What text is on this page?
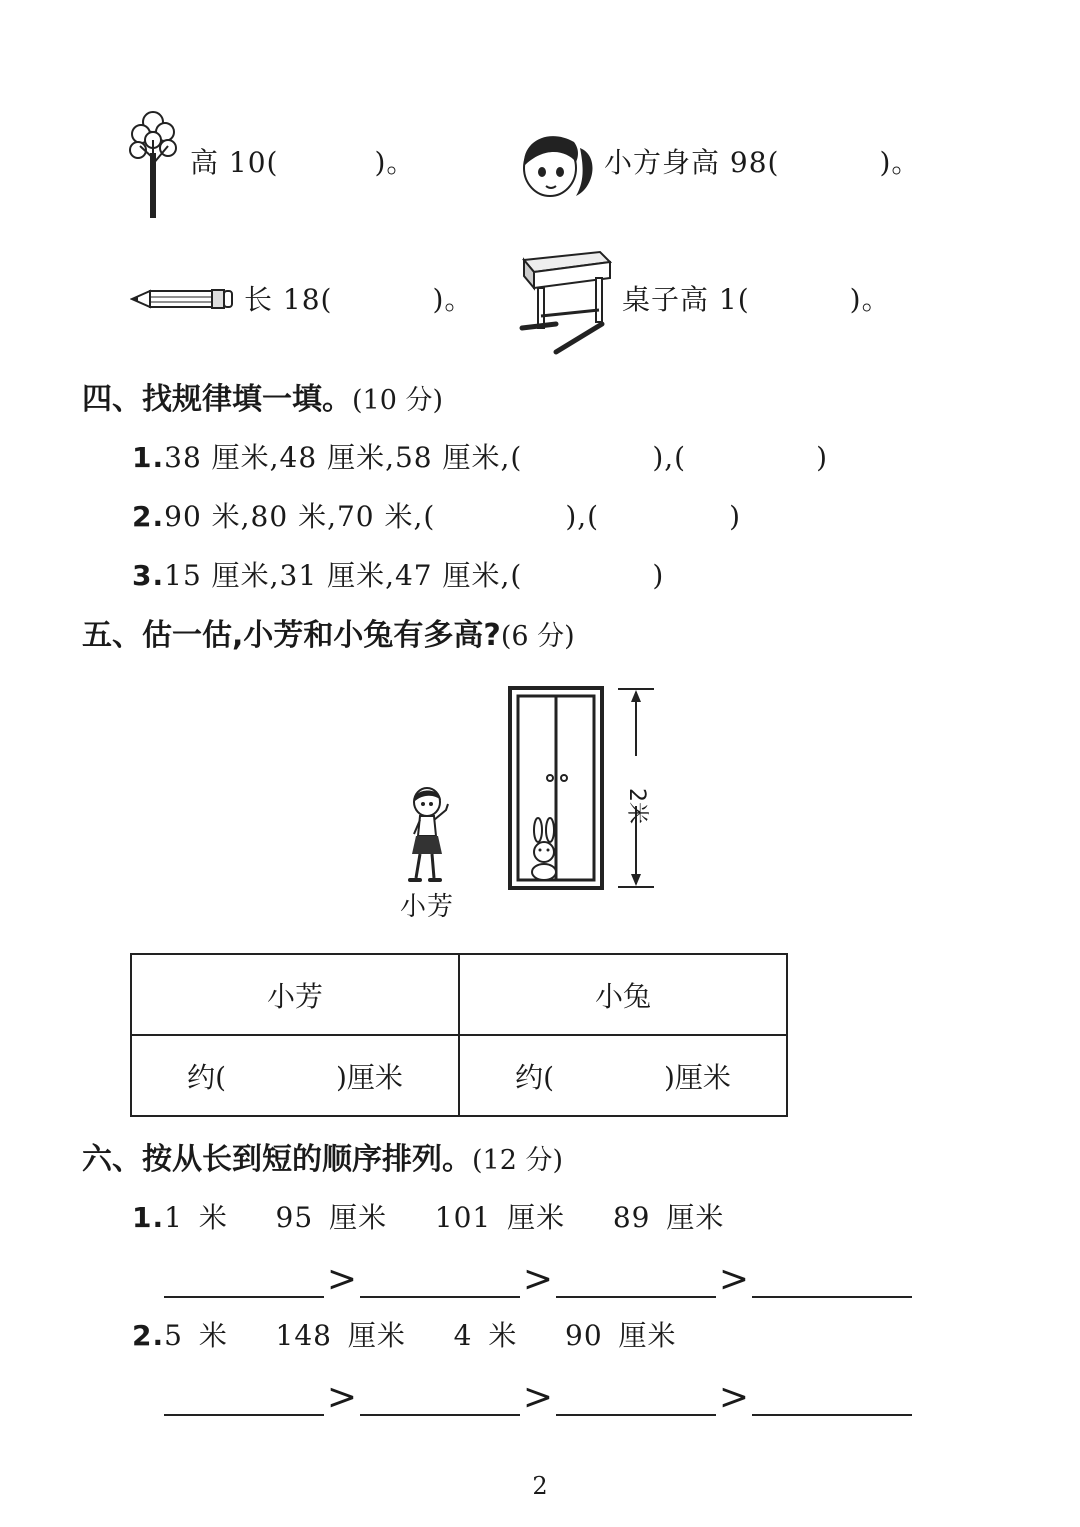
高 10(	)。	小方身高 98(	)。
长 18(	)。	桌子高 1(	)。
四、找规律填一填。(10 分)
1.38 厘米,48 厘米,58 厘米,(	),(	)
2.90 米,80 米,70 米,(	),(	)
3.15 厘米,31 厘米,47 厘米,(	)
五、估一估,小芳和小兔有多高?(6 分)
小芳
2米
小芳	小兔
约( )厘米	约( )厘米
六、按从长到短的顺序排列。(12 分)
1.1 米 95 厘米 101 厘米 89 厘米
>	>	>
2.5 米 148 厘米 4 米 90 厘米
>	>	>
2
